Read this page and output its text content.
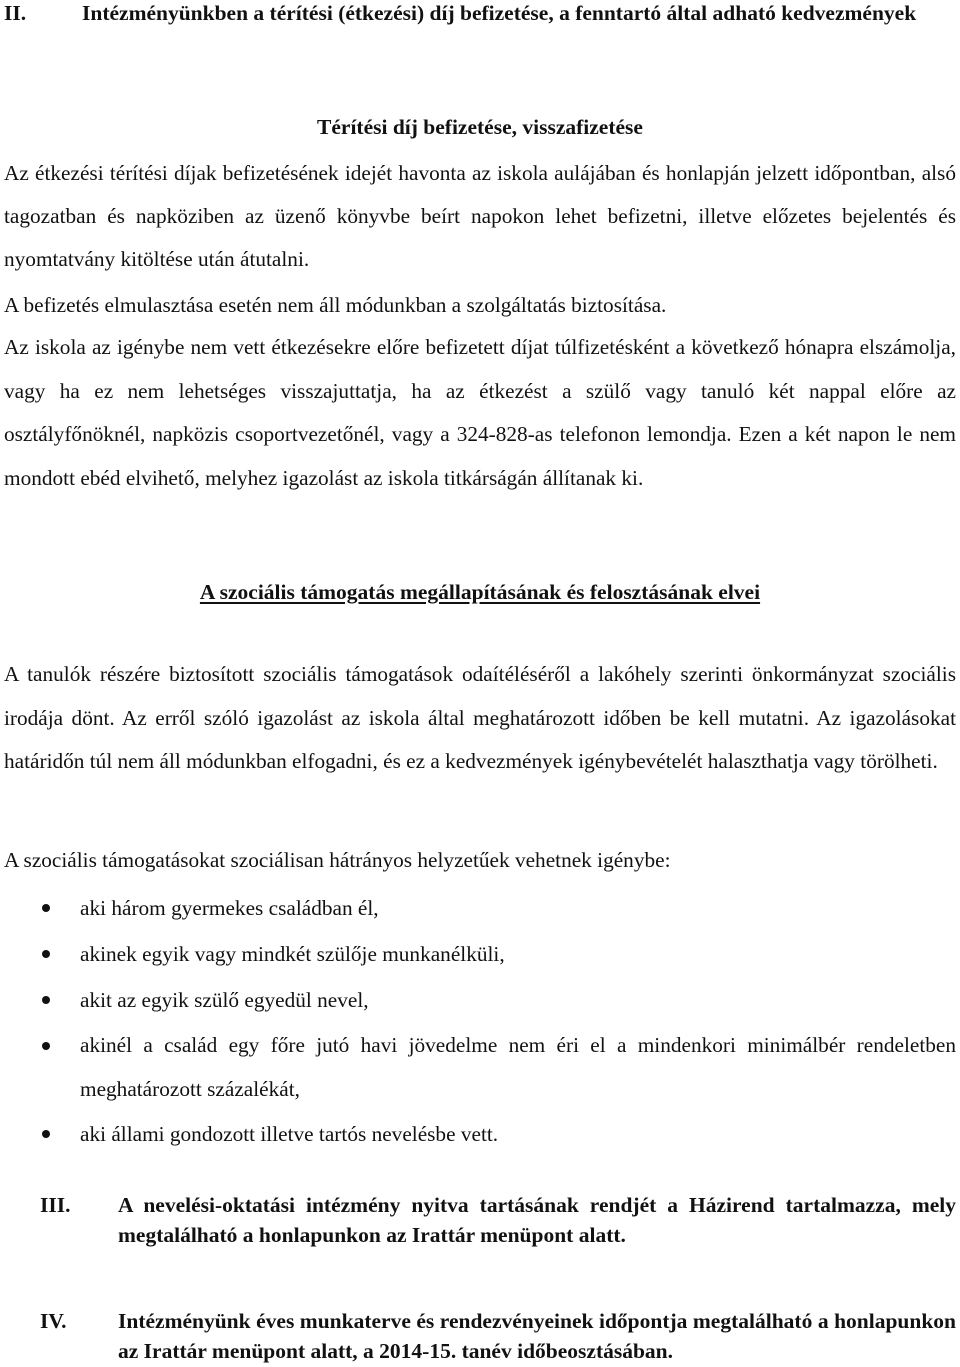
II.	Intézményünkben a térítési (étkezési) díj befizetése, a fenntartó által adható kedvezmények
Térítési díj befizetése, visszafizetése

Az étkezési térítési díjak befizetésének idejét havonta az iskola aulájában és honlapján jelzett időpontban, alsó tagozatban és napköziben az üzenő könyvbe beírt napokon lehet befizetni, illetve előzetes bejelentés és nyomtatvány kitöltése után átutalni.

A befizetés elmulasztása esetén nem áll módunkban a szolgáltatás biztosítása.

Az iskola az igénybe nem vett étkezésekre előre befizetett díjat túlfizetésként a következő hónapra elszámolja, vagy ha ez nem lehetséges visszajuttatja, ha az étkezést a szülő vagy tanuló két nappal előre az osztályfőnöknél, napközis csoportvezetőnél, vagy a 324-828-as telefonon lemondja. Ezen a két napon le nem mondott ebéd elvihető, melyhez igazolást az iskola titkárságán állítanak ki.

A szociális támogatás megállapításának és felosztásának elvei

A tanulók részére biztosított szociális támogatások odaítéléséről a lakóhely szerinti önkormányzat szociális irodája dönt. Az erről szóló igazolást az iskola által meghatározott időben be kell mutatni. Az igazolásokat határidőn túl nem áll módunkban elfogadni, és ez a kedvezmények igénybevételét halaszthatja vagy törölheti.

A szociális támogatásokat szociálisan hátrányos helyzetűek vehetnek igénybe:

aki három gyermekes családban él,
akinek egyik vagy mindkét szülője munkanélküli,
akit az egyik szülő egyedül nevel,
akinél a család egy főre jutó havi jövedelme nem éri el a mindenkori minimálbér rendeletben meghatározott százalékát,
aki állami gondozott illetve tartós nevelésbe vett.
III.	A nevelési-oktatási intézmény nyitva tartásának rendjét a Házirend tartalmazza, mely megtalálható a honlapunkon az Irattár menüpont alatt.
IV.	Intézményünk éves munkaterve és rendezvényeinek időpontja megtalálható a honlapunkon az Irattár menüpont alatt, a 2014-15. tanév időbeosztásában.
